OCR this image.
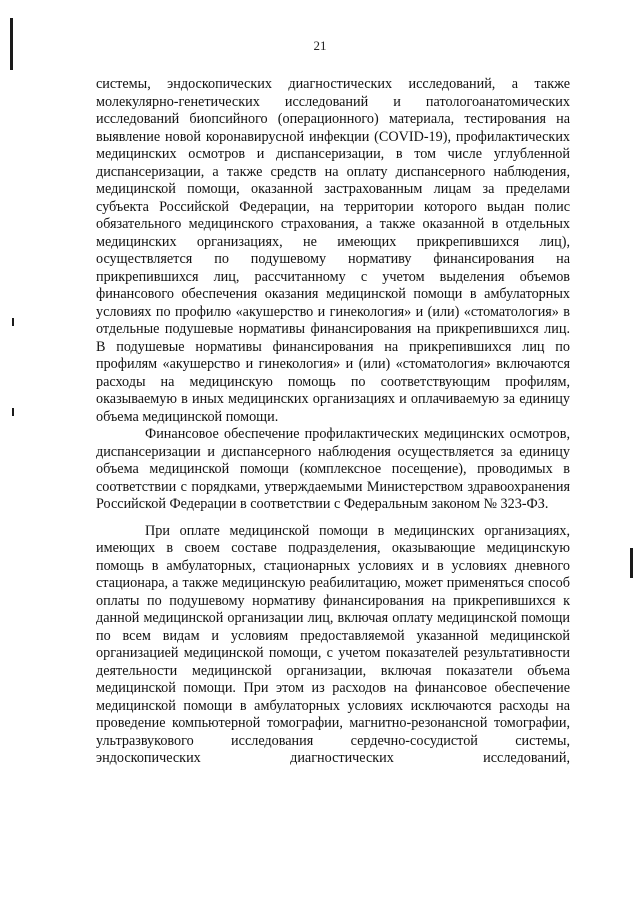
21

системы, эндоскопических диагностических исследований, а также молекулярно-генетических исследований и патологоанатомических исследований биопсийного (операционного) материала, тестирования на выявление новой коронавирусной инфекции (COVID-19), профилактических медицинских осмотров и диспансеризации, в том числе углубленной диспансеризации, а также средств на оплату диспансерного наблюдения, медицинской помощи, оказанной застрахованным лицам за пределами субъекта Российской Федерации, на территории которого выдан полис обязательного медицинского страхования, а также оказанной в отдельных медицинских организациях, не имеющих прикрепившихся лиц), осуществляется по подушевому нормативу финансирования на прикрепившихся лиц, рассчитанному с учетом выделения объемов финансового обеспечения оказания медицинской помощи в амбулаторных условиях по профилю «акушерство и гинекология» и (или) «стоматология» в отдельные подушевые нормативы финансирования на прикрепившихся лиц. В подушевые нормативы финансирования на прикрепившихся лиц по профилям «акушерство и гинекология» и (или) «стоматология» включаются расходы на медицинскую помощь по соответствующим профилям, оказываемую в иных медицинских организациях и оплачиваемую за единицу объема медицинской помощи.

Финансовое обеспечение профилактических медицинских осмотров, диспансеризации и диспансерного наблюдения осуществляется за единицу объема медицинской помощи (комплексное посещение), проводимых в соответствии с порядками, утверждаемыми Министерством здравоохранения Российской Федерации в соответствии с Федеральным законом № 323-ФЗ.

При оплате медицинской помощи в медицинских организациях, имеющих в своем составе подразделения, оказывающие медицинскую помощь в амбулаторных, стационарных условиях и в условиях дневного стационара, а также медицинскую реабилитацию, может применяться способ оплаты по подушевому нормативу финансирования на прикрепившихся к данной медицинской организации лиц, включая оплату медицинской помощи по всем видам и условиям предоставляемой указанной медицинской организацией медицинской помощи, с учетом показателей результативности деятельности медицинской организации, включая показатели объема медицинской помощи. При этом из расходов на финансовое обеспечение медицинской помощи в амбулаторных условиях исключаются расходы на проведение компьютерной томографии, магнитно-резонансной томографии, ультразвукового исследования сердечно-сосудистой системы, эндоскопических диагностических исследований,
